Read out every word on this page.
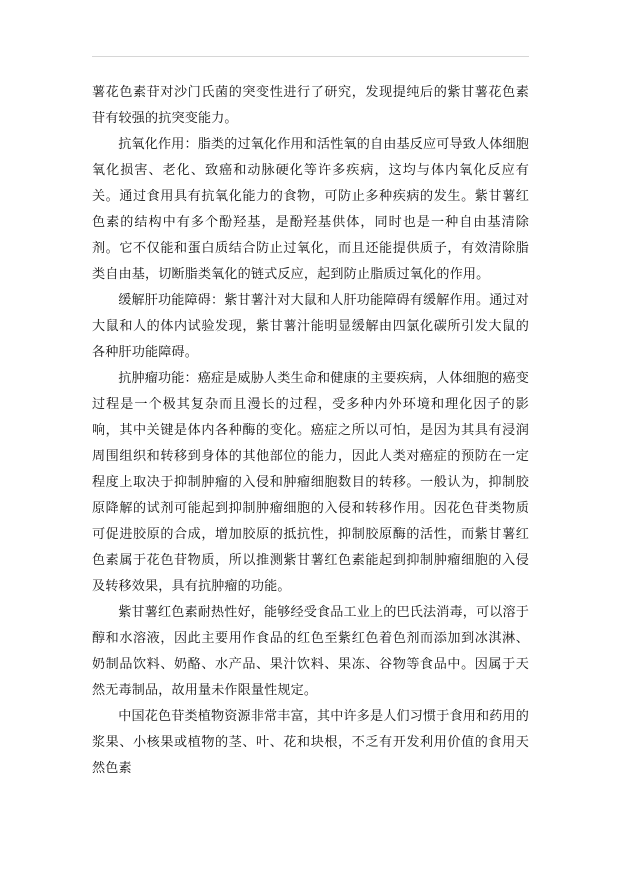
薯花色素苷对沙门氏菌的突变性进行了研究，发现提纯后的紫甘薯花色素苷有较强的抗突变能力。

抗氧化作用：脂类的过氧化作用和活性氧的自由基反应可导致人体细胞氧化损害、老化、致癌和动脉硬化等许多疾病，这均与体内氧化反应有关。通过食用具有抗氧化能力的食物，可防止多种疾病的发生。紫甘薯红色素的结构中有多个酚羟基，是酚羟基供体，同时也是一种自由基清除剂。它不仅能和蛋白质结合防止过氧化，而且还能提供质子，有效清除脂类自由基，切断脂类氧化的链式反应，起到防止脂质过氧化的作用。

缓解肝功能障碍：紫甘薯汁对大鼠和人肝功能障碍有缓解作用。通过对大鼠和人的体内试验发现，紫甘薯汁能明显缓解由四氯化碳所引发大鼠的各种肝功能障碍。

抗肿瘤功能：癌症是威胁人类生命和健康的主要疾病，人体细胞的癌变过程是一个极其复杂而且漫长的过程，受多种内外环境和理化因子的影响，其中关键是体内各种酶的变化。癌症之所以可怕，是因为其具有浸润周围组织和转移到身体的其他部位的能力，因此人类对癌症的预防在一定程度上取决于抑制肿瘤的入侵和肿瘤细胞数目的转移。一般认为，抑制胶原降解的试剂可能起到抑制肿瘤细胞的入侵和转移作用。因花色苷类物质可促进胶原的合成，增加胶原的抵抗性，抑制胶原酶的活性，而紫甘薯红色素属于花色苷物质，所以推测紫甘薯红色素能起到抑制肿瘤细胞的入侵及转移效果，具有抗肿瘤的功能。

紫甘薯红色素耐热性好，能够经受食品工业上的巴氏法消毒，可以溶于醇和水溶液，因此主要用作食品的红色至紫红色着色剂而添加到冰淇淋、奶制品饮料、奶酪、水产品、果汁饮料、果冻、谷物等食品中。因属于天然无毒制品，故用量未作限量性规定。

中国花色苷类植物资源非常丰富，其中许多是人们习惯于食用和药用的浆果、小核果或植物的茎、叶、花和块根，不乏有开发利用价值的食用天然色素
